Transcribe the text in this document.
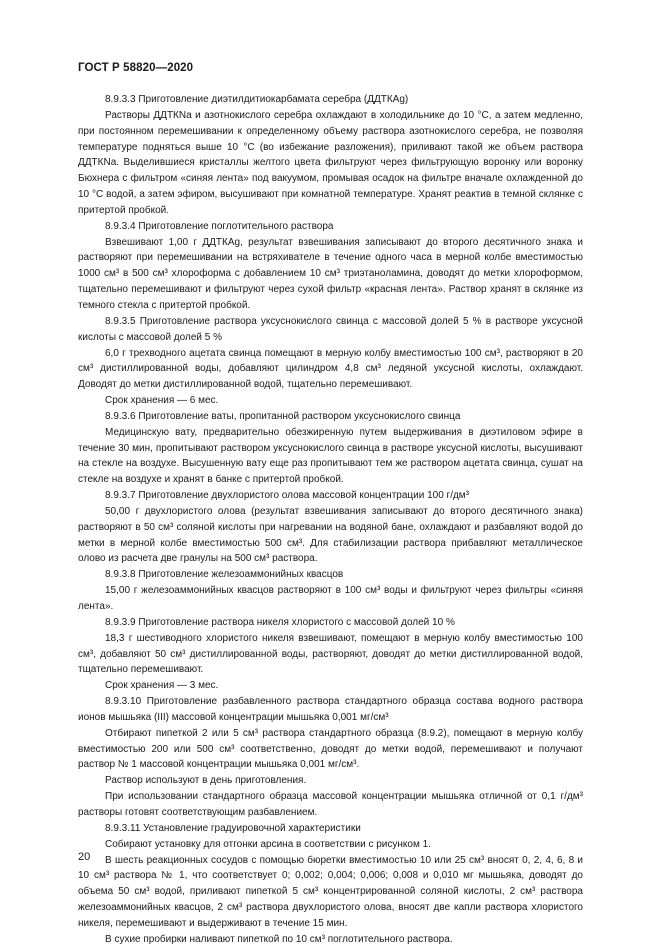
ГОСТ Р 58820—2020

8.9.3.3 Приготовление диэтилдитиокарбамата серебра (ДДТКAg)

Растворы ДДТКNa и азотнокислого серебра охлаждают в холодильнике до 10 °С, а затем медленно, при постоянном перемешивании к определенному объему раствора азотнокислого серебра, не позволяя температуре подняться выше 10 °С (во избежание разложения), приливают такой же объем раствора ДДТКNa. Выделившиеся кристаллы желтого цвета фильтруют через фильтрующую воронку или воронку Бюхнера с фильтром «синяя лента» под вакуумом, промывая осадок на фильтре вначале охлажденной до 10 °С водой, а затем эфиром, высушивают при комнатной температуре. Хранят реактив в темной склянке с притертой пробкой.

8.9.3.4 Приготовление поглотительного раствора

Взвешивают 1,00 г ДДТКAg, результат взвешивания записывают до второго десятичного знака и растворяют при перемешивании на встряхивателе в течение одного часа в мерной колбе вместимостью 1000 см³ в 500 см³ хлороформа с добавлением 10 см³ триэтаноламина, доводят до метки хлороформом, тщательно перемешивают и фильтруют через сухой фильтр «красная лента». Раствор хранят в склянке из темного стекла с притертой пробкой.

8.9.3.5 Приготовление раствора уксуснокислого свинца с массовой долей 5 % в растворе уксусной кислоты с массовой долей 5 %

6,0 г трехводного ацетата свинца помещают в мерную колбу вместимостью 100 см³, растворяют в 20 см³ дистиллированной воды, добавляют цилиндром 4,8 см³ ледяной уксусной кислоты, охлаждают. Доводят до метки дистиллированной водой, тщательно перемешивают.

Срок хранения — 6 мес.

8.9.3.6 Приготовление ваты, пропитанной раствором уксуснокислого свинца

Медицинскую вату, предварительно обезжиренную путем выдерживания в диэтиловом эфире в течение 30 мин, пропитывают раствором уксуснокислого свинца в растворе уксусной кислоты, высушивают на стекле на воздухе. Высушенную вату еще раз пропитывают тем же раствором ацетата свинца, сушат на стекле на воздухе и хранят в банке с притертой пробкой.

8.9.3.7 Приготовление двухлористого олова массовой концентрации 100 г/дм³

50,00 г двухлористого олова (результат взвешивания записывают до второго десятичного знака) растворяют в 50 см³ соляной кислоты при нагревании на водяной бане, охлаждают и разбавляют водой до метки в мерной колбе вместимостью 500 см³. Для стабилизации раствора прибавляют металлическое олово из расчета две гранулы на 500 см³ раствора.

8.9.3.8 Приготовление железоаммонийных квасцов

15,00 г железоаммонийных квасцов растворяют в 100 см³ воды и фильтруют через фильтры «синяя лента».

8.9.3.9 Приготовление раствора никеля хлористого с массовой долей 10 %

18,3 г шестиводного хлористого никеля взвешивают, помещают в мерную колбу вместимостью 100 см³, добавляют 50 см³ дистиллированной воды, растворяют, доводят до метки дистиллированной водой, тщательно перемешивают.

Срок хранения — 3 мес.

8.9.3.10 Приготовление разбавленного раствора стандартного образца состава водного раствора ионов мышьяка (III) массовой концентрации мышьяка 0,001 мг/см³

Отбирают пипеткой 2 или 5 см³ раствора стандартного образца (8.9.2), помещают в мерную колбу вместимостью 200 или 500 см³ соответственно, доводят до метки водой, перемешивают и получают раствор № 1 массовой концентрации мышьяка 0,001 мг/см³.

Раствор используют в день приготовления.

При использовании стандартного образца массовой концентрации мышьяка отличной от 0,1 г/дм³ растворы готовят соответствующим разбавлением.

8.9.3.11 Установление градуировочной характеристики

Собирают установку для отгонки арсина в соответствии с рисунком 1.

В шесть реакционных сосудов с помощью бюретки вместимостью 10 или 25 см³ вносят 0, 2, 4, 6, 8 и 10 см³ раствора № 1, что соответствует 0; 0,002; 0,004; 0,006; 0,008 и 0,010 мг мышьяка, доводят до объема 50 см³ водой, приливают пипеткой 5 см³ концентрированной соляной кислоты, 2 см³ раствора железоаммонийных квасцов, 2 см³ раствора двухлористого олова, вносят две капли раствора хлористого никеля, перемешивают и выдерживают в течение 15 мин.

В сухие пробирки наливают пипеткой по 10 см³ поглотительного раствора.

20
